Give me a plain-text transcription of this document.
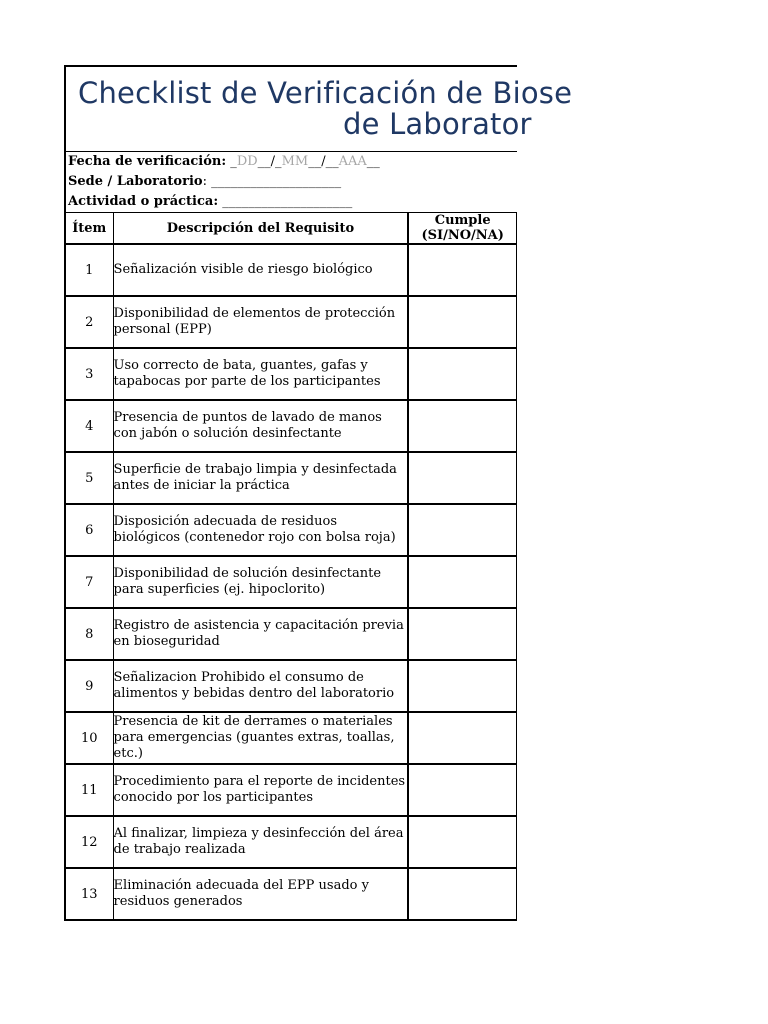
Checklist de Verificación de Biose
de Laborator
Fecha de verificación: _DD__/_MM__/__AAA__
Sede / Laboratorio: ____________________
Actividad o práctica: ____________________
Ítem	Descripción del Requisito	Cumple
(SI/NO/NA)

1	Señalización visible de riesgo biológico	
2	Disponibilidad de elementos de protección personal (EPP)	
3	Uso correcto de bata, guantes, gafas y tapabocas por parte de los participantes	
4	Presencia de puntos de lavado de manos con jabón o solución desinfectante	
5	Superficie de trabajo limpia y desinfectada antes de iniciar la práctica	
6	Disposición adecuada de residuos biológicos (contenedor rojo con bolsa roja)	
7	Disponibilidad de solución desinfectante para superficies (ej. hipoclorito)	
8	Registro de asistencia y capacitación previa en bioseguridad	
9	Señalizacion Prohibido el consumo de alimentos y bebidas dentro del laboratorio	
10	Presencia de kit de derrames o materiales para emergencias (guantes extras, toallas, etc.)	
11	Procedimiento para el reporte de incidentes conocido por los participantes	
12	Al finalizar, limpieza y desinfección del área de trabajo realizada	
13	Eliminación adecuada del EPP usado y residuos generados	
